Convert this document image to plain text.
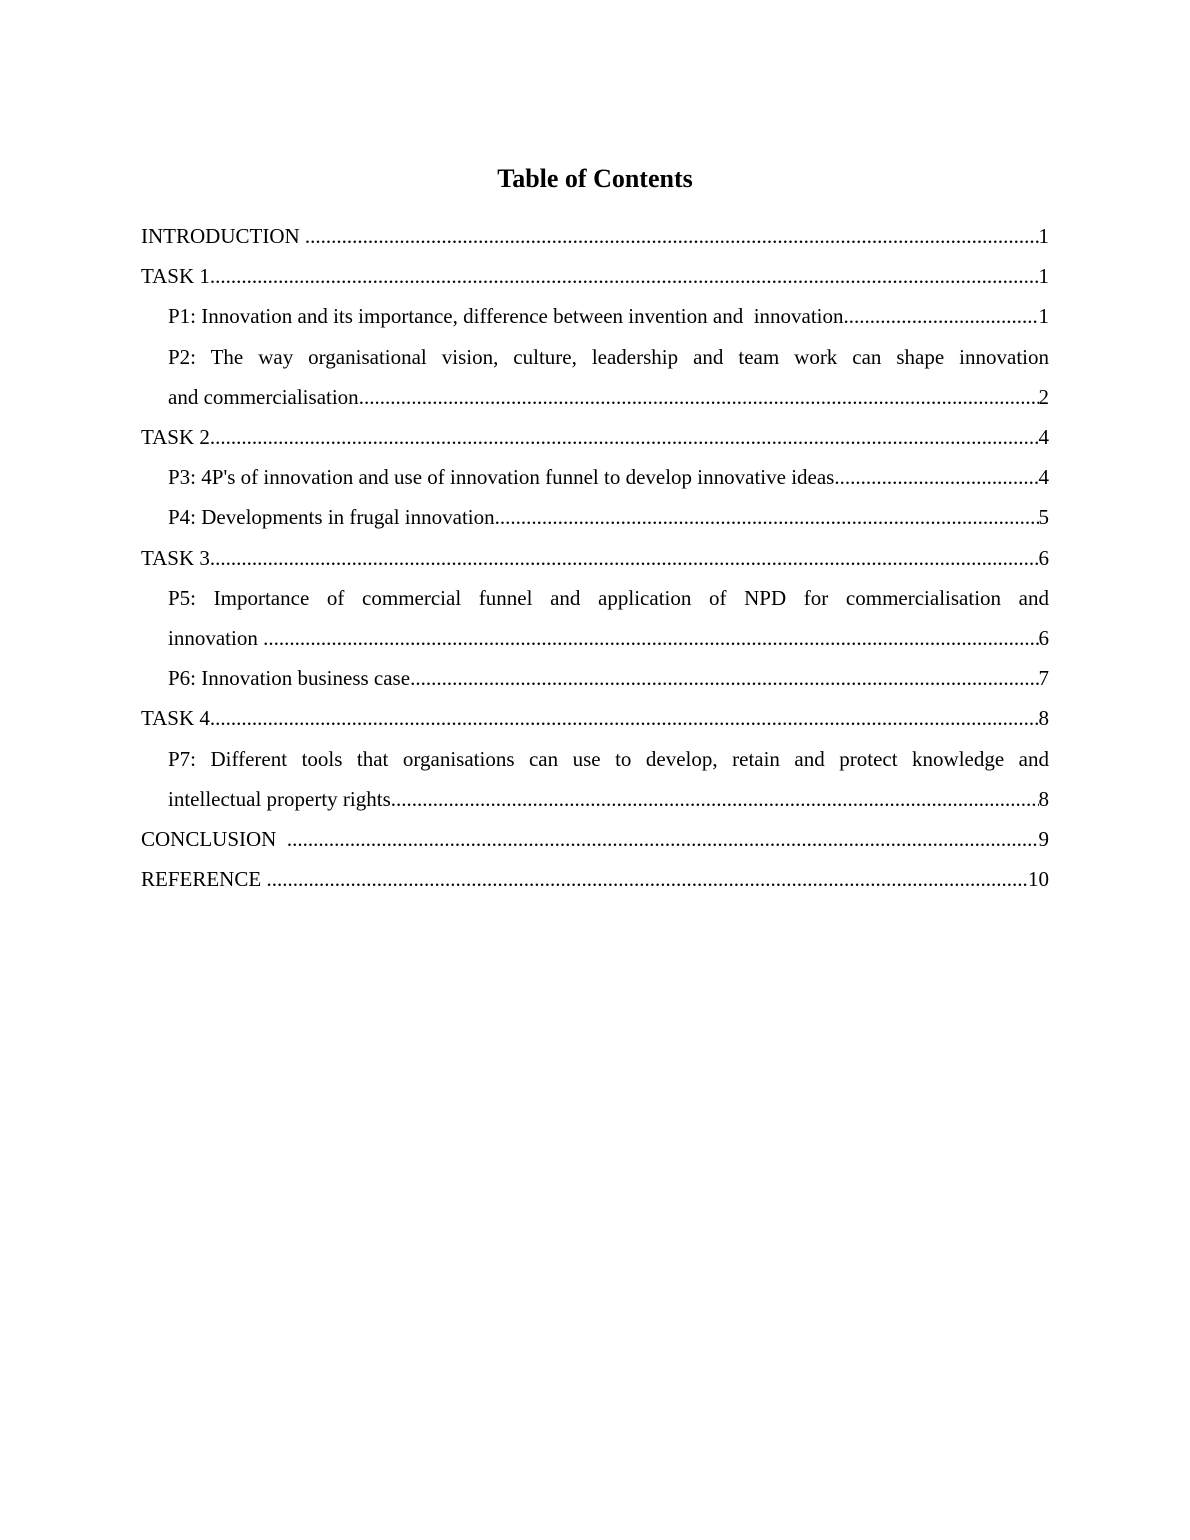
Table of Contents
INTRODUCTION .....	1
TASK 1 .....	1
P1: Innovation and its importance, difference between invention and  innovation .....	1
P2: The way organisational vision, culture, leadership and team work can shape innovation
and commercialisation .....	2
TASK 2 .....	4
P3: 4P's of innovation and use of innovation funnel to develop innovative ideas .....	4
P4: Developments in frugal innovation .....	5
TASK 3 .....	6
P5: Importance of commercial funnel and application of NPD for commercialisation and
innovation .....	6
P6: Innovation business case .....	7
TASK 4 .....	8
P7: Different tools that organisations can use to develop, retain and protect knowledge and
intellectual property rights .....	8
CONCLUSION .....	9
REFERENCE .....	10
